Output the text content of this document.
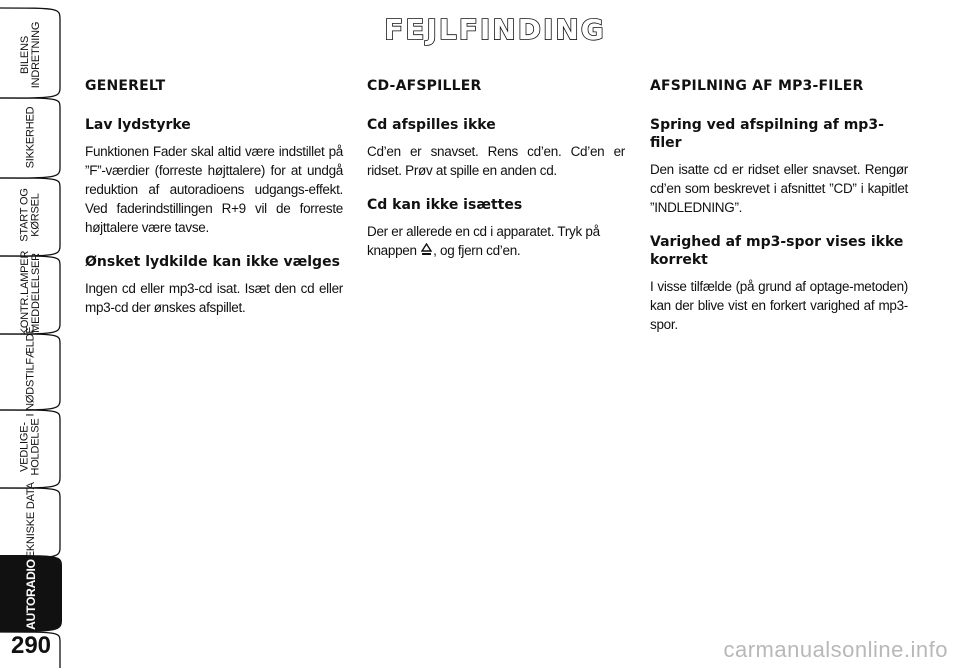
BILENS INDRETNING
SIKKERHED
START OG KØRSEL
KONTR.LAMPER MEDDELELSER
I NØDSTILFÆLDE
VEDLIGE- HOLDELSE
TEKNISKE DATA
AUTORADIO
290
FEJLFINDING
GENERELT
Lav lydstyrke

Funktionen Fader skal altid være indstillet på ”F”-værdier (forreste højttalere) for at undgå reduktion af autoradioens udgangs-effekt. Ved faderindstillingen R+9 vil de forreste højttalere være tavse.

Ønsket lydkilde kan ikke vælges

Ingen cd eller mp3-cd isat. Isæt den cd eller mp3-cd der ønskes afspillet.

CD-AFSPILLER
Cd afspilles ikke

Cd’en er snavset. Rens cd’en. Cd’en er ridset. Prøv at spille en anden cd.

Cd kan ikke isættes

Der er allerede en cd i apparatet. Tryk på knappen , og fjern cd’en.

AFSPILNING AF MP3-FILER
Spring ved afspilning af mp3-filer

Den isatte cd er ridset eller snavset. Rengør cd’en som beskrevet i afsnittet ”CD” i kapitlet ”INDLEDNING”.

Varighed af mp3-spor vises ikke korrekt

I visse tilfælde (på grund af optage-metoden) kan der blive vist en forkert varighed af mp3-spor.

carmanualsonline.info
